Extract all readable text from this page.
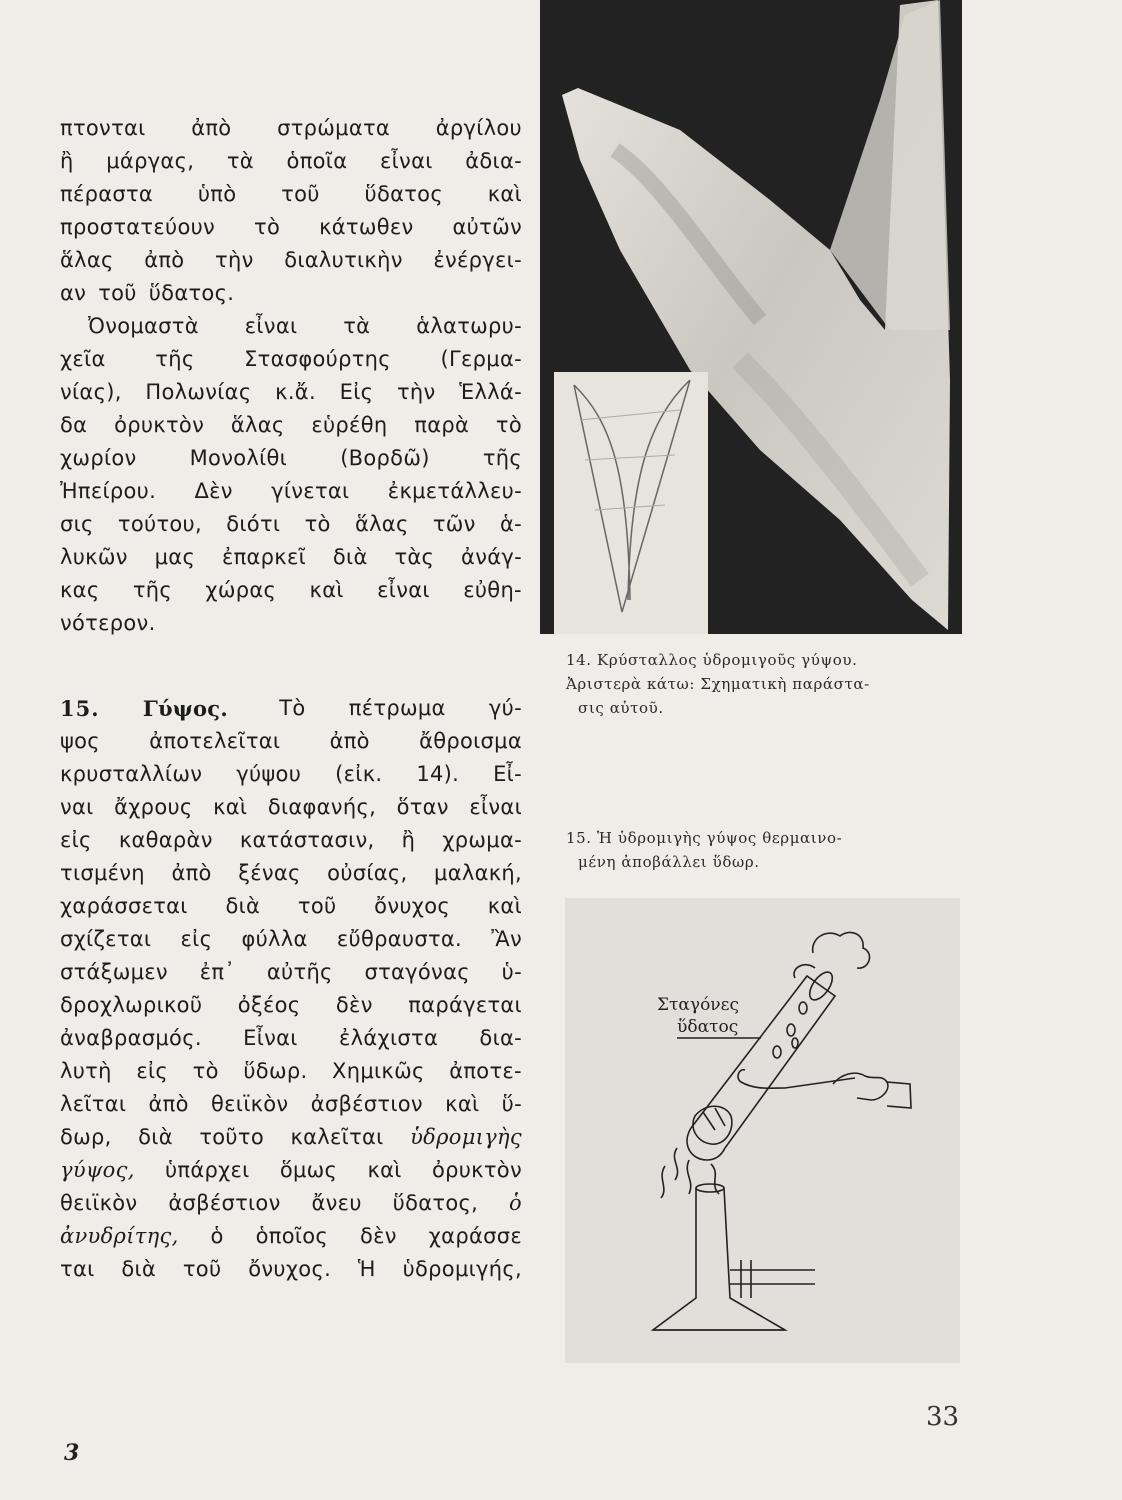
πτονται ἀπὸ στρώματα ἀργίλου
ἢ μάργας, τὰ ὁποῖα εἶναι ἀδια-
πέραστα ὑπὸ τοῦ ὕδατος καὶ
προστατεύουν τὸ κάτωθεν αὐτῶν
ἅλας ἀπὸ τὴν διαλυτικὴν ἐνέργει-
αν τοῦ ὕδατος.
Ὀνομαστὰ εἶναι τὰ ἁλατωρυ-
χεῖα τῆς Στασφούρτης (Γερμα-
νίας), Πολωνίας κ.ἄ. Εἰς τὴν Ἑλλά-
δα ὀρυκτὸν ἅλας εὑρέθη παρὰ τὸ
χωρίον	Μονολίθι	(Βορδῶ)	τῆς
Ἠπείρου. Δὲν γίνεται ἐκμετάλλευ-
σις τούτου, διότι τὸ ἅλας τῶν ἁ-
λυκῶν μας ἐπαρκεῖ διὰ τὰς ἀνάγ-
κας τῆς χώρας καὶ εἶναι εὐθη-
νότερον.
15. Γύψος. Τὸ πέτρωμα γύ-
ψος ἀποτελεῖται ἀπὸ ἄθροισμα
κρυσταλλίων γύψου (εἰκ. 14). Εἶ-
ναι ἄχρους καὶ διαφανής, ὅταν εἶναι
εἰς καθαρὰν κατάστασιν, ἢ χρωμα-
τισμένη ἀπὸ ξένας οὐσίας, μαλακή,
χαράσσεται διὰ τοῦ ὄνυχος καὶ
σχίζεται εἰς φύλλα εὔθραυστα. Ἂν
στάξωμεν ἐπ᾽ αὐτῆς σταγόνας ὑ-
δροχλωρικοῦ ὀξέος δὲν παράγεται
ἀναβρασμός. Εἶναι ἐλάχιστα δια-
λυτὴ εἰς τὸ ὕδωρ. Χημικῶς ἀποτε-
λεῖται ἀπὸ θειϊκὸν ἀσβέστιον καὶ ὕ-
δωρ, διὰ τοῦτο καλεῖται ὑδρομιγὴς
γύψος, ὑπάρχει ὅμως καὶ ὀρυκτὸν
θειϊκὸν ἀσβέστιον ἄνευ ὕδατος, ὁ
ἀνυδρίτης, ὁ ὁποῖος δὲν χαράσσε
ται διὰ τοῦ ὄνυχος. Ἡ ὑδρομιγής,
14. Κρύσταλλος ὑδρομιγοῦς γύψου.
Ἀριστερὰ κάτω: Σχηματικὴ παράστα-
σις αὐτοῦ.
15. Ἡ ὑδρομιγὴς γύψος θερμαινο-
μένη ἀποβάλλει ὕδωρ.
Σταγόνες
ὕδατος
33
3
